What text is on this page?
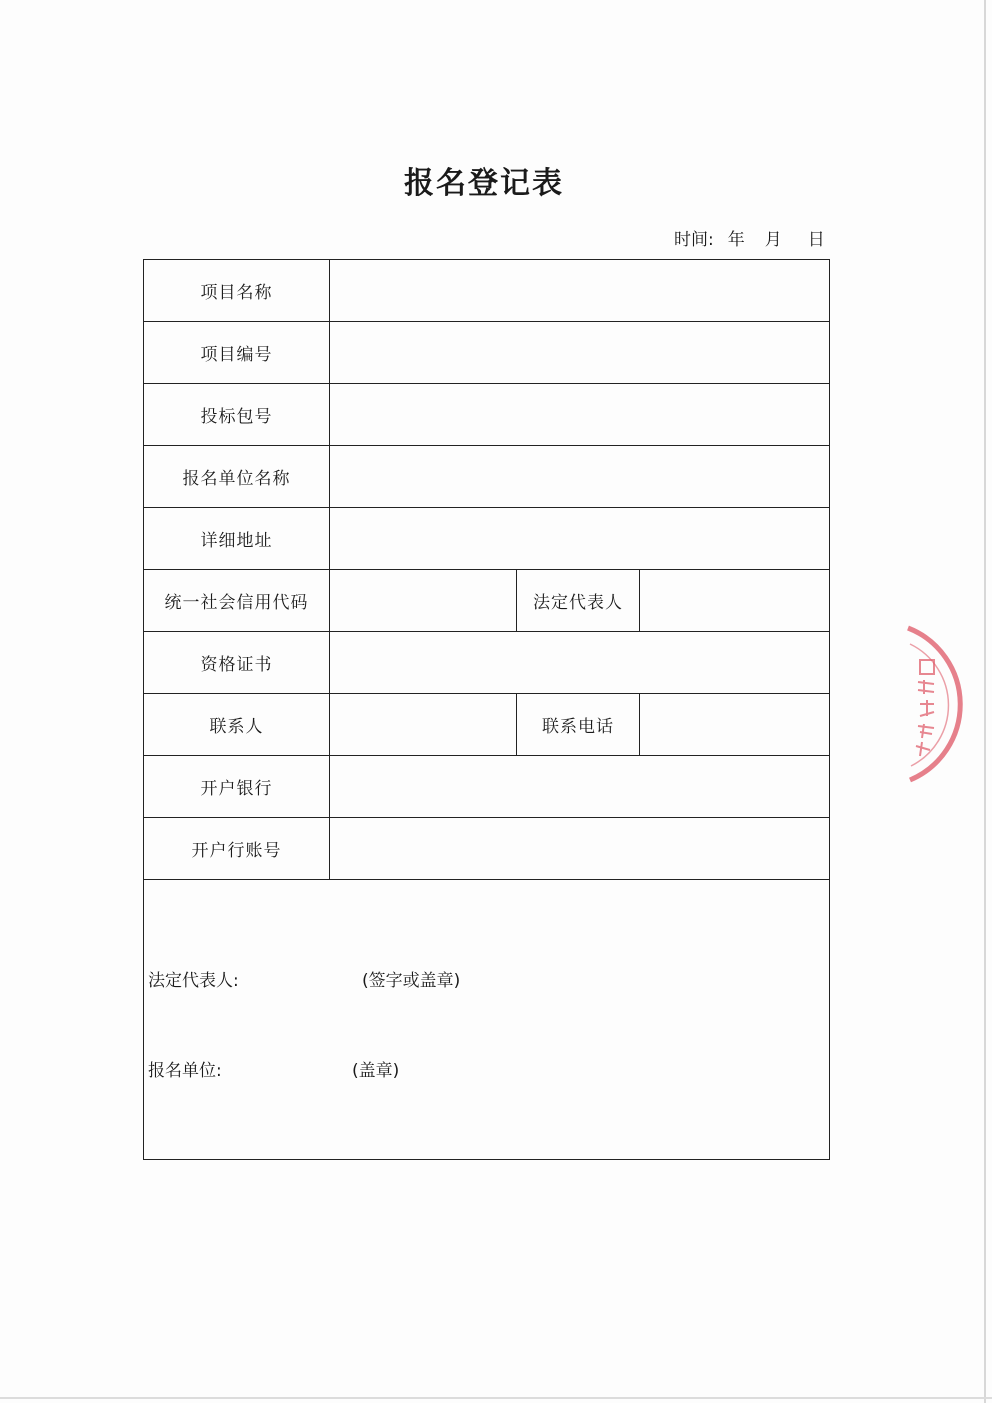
报名登记表
时间: 年 月 日
项目名称			
项目编号			
投标包号			
报名单位名称			
详细地址			
统一社会信用代码		法定代表人	
资格证书			
联系人		联系电话	
开户银行			
开户行账号			

法定代表人: (签字或盖章)
报名单位: (盖章)			
